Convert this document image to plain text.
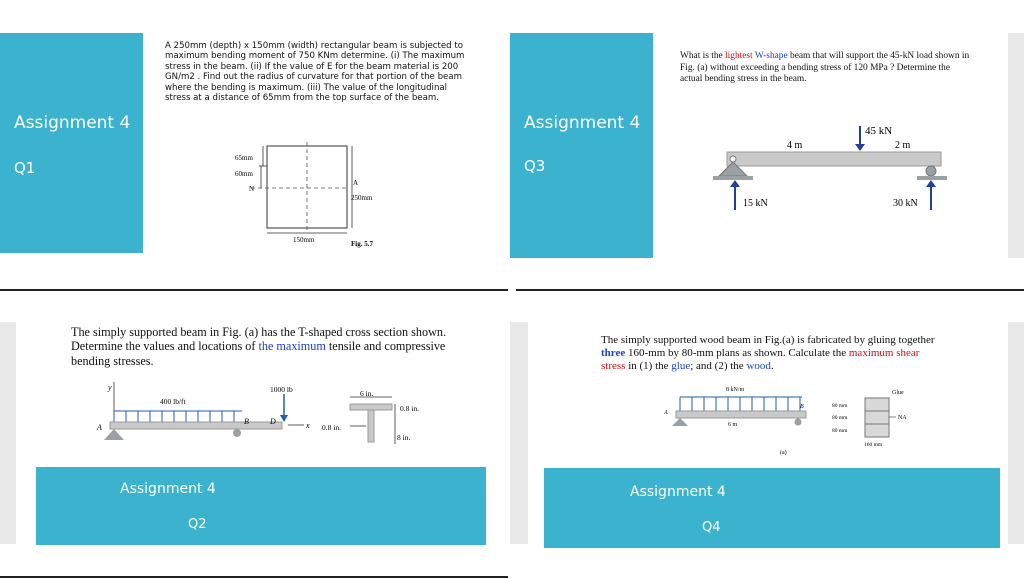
Assignment 4
Q1
A 250mm (depth) x 150mm (width) rectangular beam is subjected to maximum bending moment of 750 KNm determine. (i) The maximum stress in the beam. (ii) If the value of E for the beam material is 200 GN/m2 . Find out the radius of curvature for that portion of the beam where the bending is maximum. (iii) The value of the longitudinal stress at a distance of 65mm from the top surface of the beam.
65mm
60mm
N
A
250mm
150mm	Fig. 5.7
Assignment 4
Q3
What is the lightest W-shape beam that will support the 45-kN load shown in Fig. (a) without exceeding a bending stress of 120 MPa ? Determine the actual bending stress in the beam.
45 kN
4 m	2 m
15 kN	30 kN
The simply supported beam in Fig. (a) has the T-shaped cross section shown. Determine the values and locations of the maximum tensile and compressive bending stresses.
y
400 lb/ft
A
B
1000 lb
D	x
6 in.
0.8 in.
0.8 in.
8 in.
Assignment 4
Q2
The simply supported wood beam in Fig.(a) is fabricated by gluing together three 160-mm by 80-mm plans as shown. Calculate the maximum shear stress in (1) the glue; and (2) the wood.
8 kN/m
A
B
6 m
(a)
Glue
80 mm
80 mm
80 mm
NA
160 mm
Assignment 4
Q4
